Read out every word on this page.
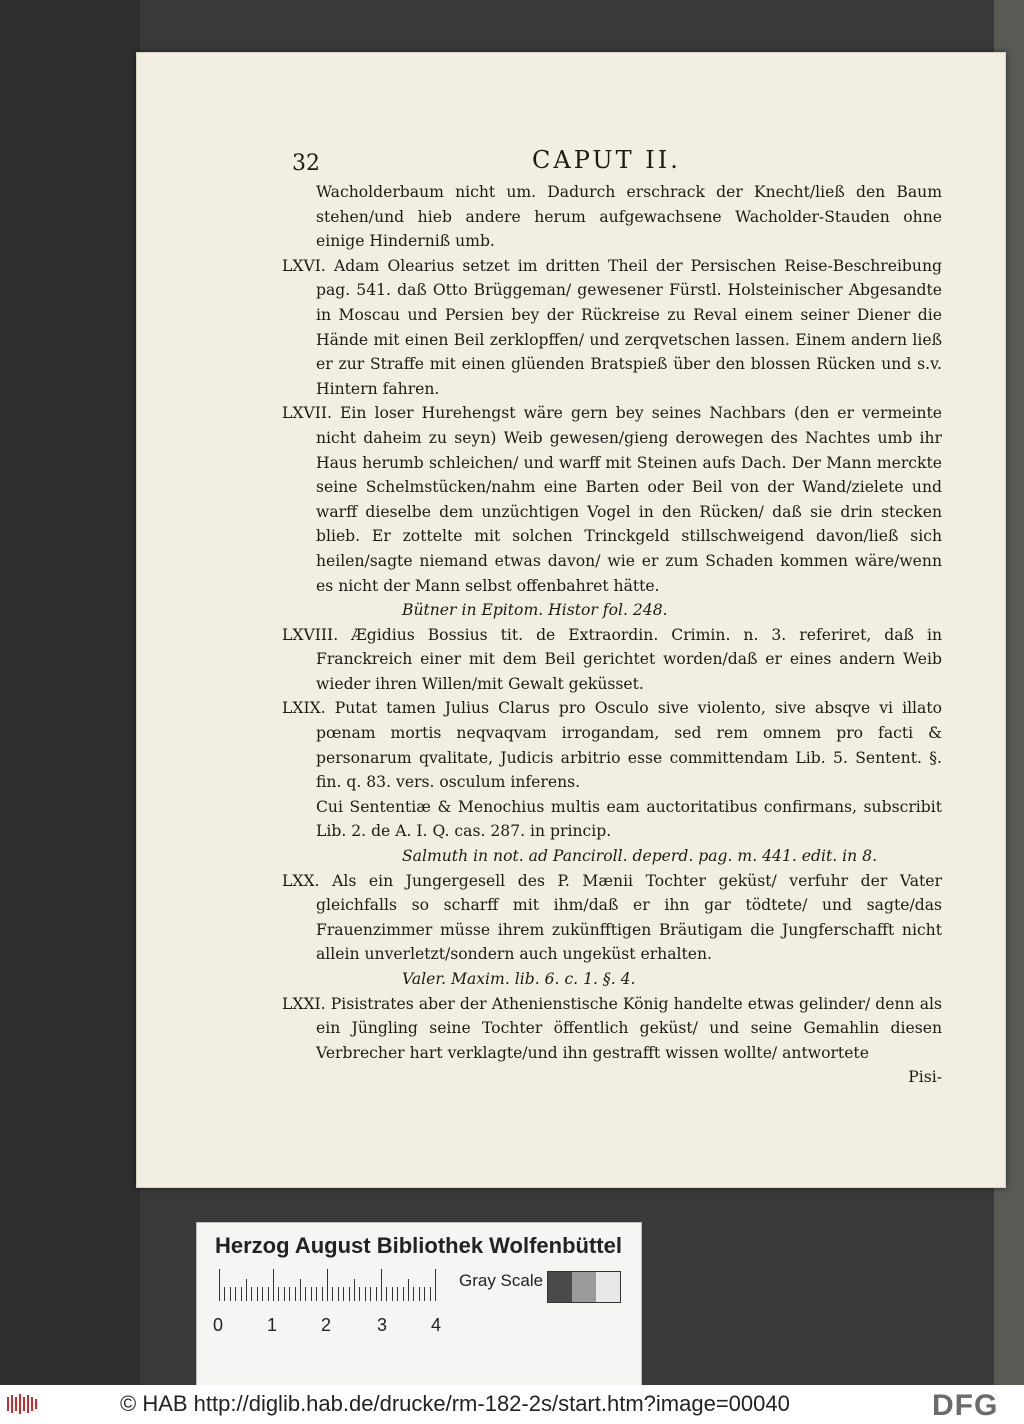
32	CAPUT II.

Wacholderbaum nicht um. Dadurch erschrack der Knecht/ließ den Baum stehen/und hieb andere herum aufgewachsene Wacholder-Stauden ohne einige Hinderniß umb.

LXVI. Adam Olearius setzet im dritten Theil der Persischen Reise-Beschreibung pag. 541. daß Otto Brüggeman/ gewesener Fürstl. Holsteinischer Abgesandte in Moscau und Persien bey der Rückreise zu Reval einem seiner Diener die Hände mit einen Beil zerklopffen/ und zerqvetschen lassen. Einem andern ließ er zur Straffe mit einen glüenden Bratspieß über den blossen Rücken und s.v. Hintern fahren.

LXVII. Ein loser Hurehengst wäre gern bey seines Nachbars (den er vermeinte nicht daheim zu seyn) Weib gewesen/gieng derowegen des Nachtes umb ihr Haus herumb schleichen/ und warff mit Steinen aufs Dach. Der Mann merckte seine Schelmstücken/nahm eine Barten oder Beil von der Wand/zielete und warff dieselbe dem unzüchtigen Vogel in den Rücken/ daß sie drin stecken blieb. Er zottelte mit solchen Trinckgeld stillschweigend davon/ließ sich heilen/sagte niemand etwas davon/ wie er zum Schaden kommen wäre/wenn es nicht der Mann selbst offenbahret hätte.

Bütner in Epitom. Histor fol. 248.

LXVIII. Ægidius Bossius tit. de Extraordin. Crimin. n. 3. referiret, daß in Franckreich einer mit dem Beil gerichtet worden/daß er eines andern Weib wieder ihren Willen/mit Gewalt geküsset.

LXIX. Putat tamen Julius Clarus pro Osculo sive violento, sive absqve vi illato pœnam mortis neqvaqvam irrogandam, sed rem omnem pro facti & personarum qvalitate, Judicis arbitrio esse committendam Lib. 5. Sentent. §. fin. q. 83. vers. osculum inferens.

Cui Sententiæ & Menochius multis eam auctoritatibus confirmans, subscribit Lib. 2. de A. I. Q. cas. 287. in princip.

Salmuth in not. ad Panciroll. deperd. pag. m. 441. edit. in 8.

LXX. Als ein Jungergesell des P. Mænii Tochter geküst/ verfuhr der Vater gleichfalls so scharff mit ihm/daß er ihn gar tödtete/ und sagte/das Frauenzimmer müsse ihrem zukünfftigen Bräutigam die Jungferschafft nicht allein unverletzt/sondern auch ungeküst erhalten.

Valer. Maxim. lib. 6. c. 1. §. 4.

LXXI. Pisistrates aber der Athenienstische König handelte etwas gelinder/ denn als ein Jüngling seine Tochter öffentlich geküst/ und seine Gemahlin diesen Verbrecher hart verklagte/und ihn gestrafft wissen wollte/ antwortete

Pisi-

Herzog August Bibliothek Wolfenbüttel
0 1 2	3 4
Gray Scale
© HAB http://diglib.hab.de/drucke/rm-182-2s/start.htm?image=00040	DFG
